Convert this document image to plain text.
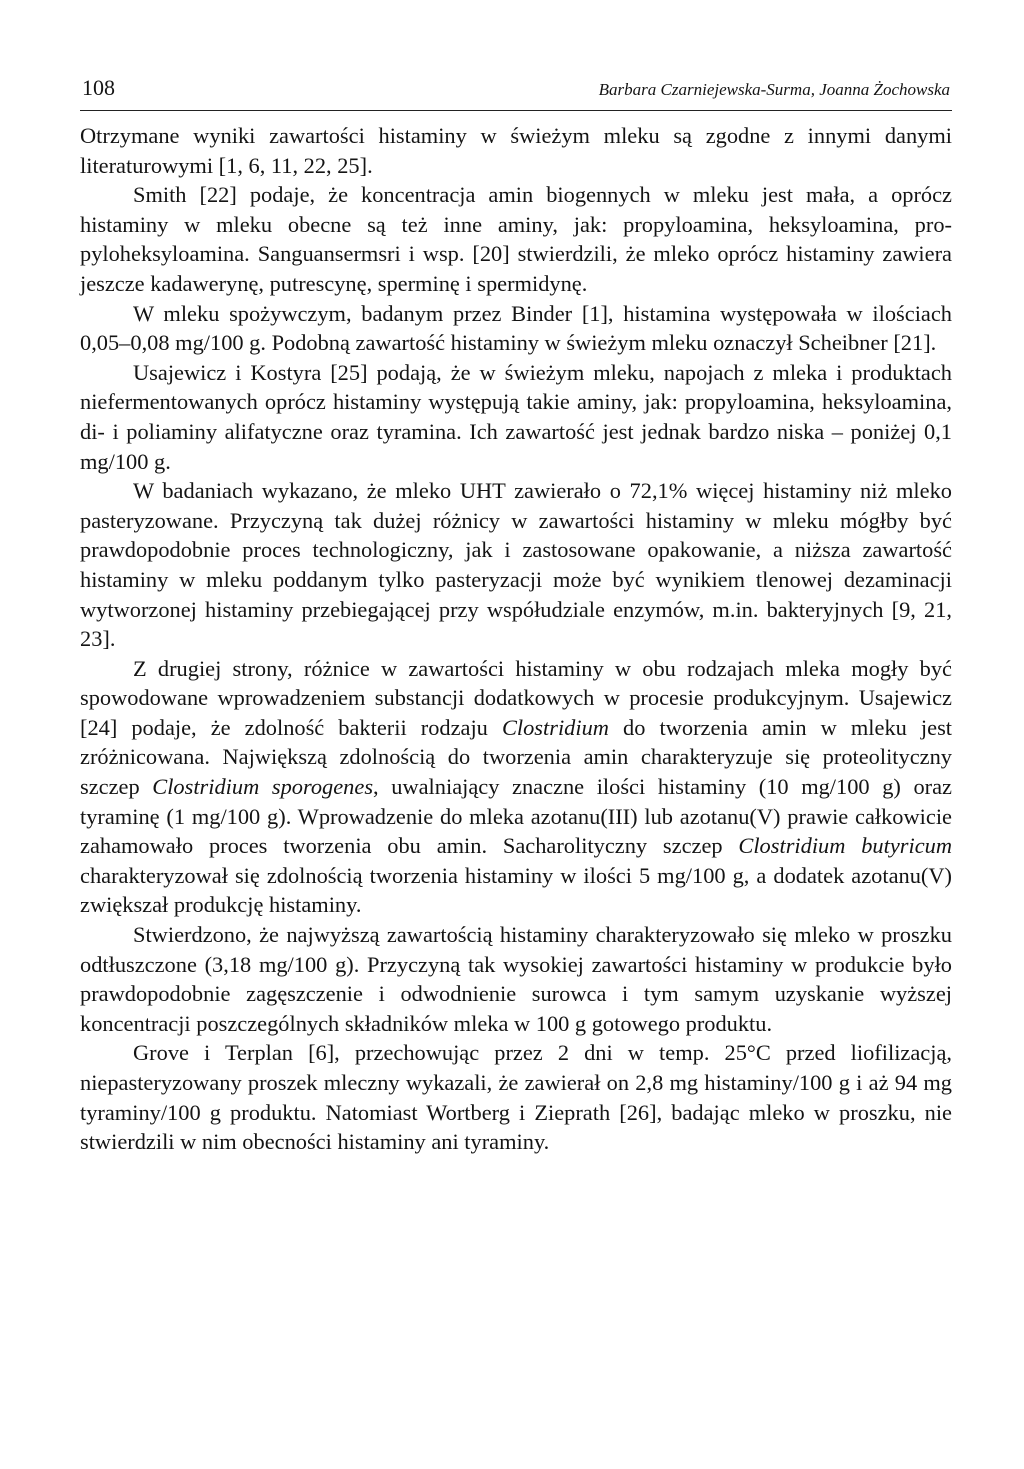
108	Barbara Czarniejewska-Surma, Joanna Żochowska

Otrzymane wyniki zawartości histaminy w świeżym mleku są zgodne z innymi danymi literaturowymi [1, 6, 11, 22, 25].

Smith [22] podaje, że koncentracja amin biogennych w mleku jest mała, a oprócz histaminy w mleku obecne są też inne aminy, jak: propyloamina, heksyloamina, propyloheksyloamina. Sanguansermsri i wsp. [20] stwierdzili, że mleko oprócz histaminy zawiera jeszcze kadawerynę, putrescynę, sperminę i spermidynę.

W mleku spożywczym, badanym przez Binder [1], histamina występowała w ilościach 0,05–0,08 mg/100 g. Podobną zawartość histaminy w świeżym mleku oznaczył Scheibner [21].

Usajewicz i Kostyra [25] podają, że w świeżym mleku, napojach z mleka i produktach niefermentowanych oprócz histaminy występują takie aminy, jak: propyloamina, heksyloamina, di- i poliaminy alifatyczne oraz tyramina. Ich zawartość jest jednak bardzo niska – poniżej 0,1 mg/100 g.

W badaniach wykazano, że mleko UHT zawierało o 72,1% więcej histaminy niż mleko pasteryzowane. Przyczyną tak dużej różnicy w zawartości histaminy w mleku mógłby być prawdopodobnie proces technologiczny, jak i zastosowane opakowanie, a niższa zawartość histaminy w mleku poddanym tylko pasteryzacji może być wynikiem tlenowej dezaminacji wytworzonej histaminy przebiegającej przy współudziale enzymów, m.in. bakteryjnych [9, 21, 23].

Z drugiej strony, różnice w zawartości histaminy w obu rodzajach mleka mogły być spowodowane wprowadzeniem substancji dodatkowych w procesie produkcyjnym. Usajewicz [24] podaje, że zdolność bakterii rodzaju Clostridium do tworzenia amin w mleku jest zróżnicowana. Największą zdolnością do tworzenia amin charakteryzuje się proteolityczny szczep Clostridium sporogenes, uwalniający znaczne ilości histaminy (10 mg/100 g) oraz tyraminę (1 mg/100 g). Wprowadzenie do mleka azotanu(III) lub azotanu(V) prawie całkowicie zahamowało proces tworzenia obu amin. Sacharolityczny szczep Clostridium butyricum charakteryzował się zdolnością tworzenia histaminy w ilości 5 mg/100 g, a dodatek azotanu(V) zwiększał produkcję histaminy.

Stwierdzono, że najwyższą zawartością histaminy charakteryzowało się mleko w proszku odtłuszczone (3,18 mg/100 g). Przyczyną tak wysokiej zawartości histaminy w produkcie było prawdopodobnie zagęszczenie i odwodnienie surowca i tym samym uzyskanie wyższej koncentracji poszczególnych składników mleka w 100 g gotowego produktu.

Grove i Terplan [6], przechowując przez 2 dni w temp. 25°C przed liofilizacją, niepasteryzowany proszek mleczny wykazali, że zawierał on 2,8 mg histaminy/100 g i aż 94 mg tyraminy/100 g produktu. Natomiast Wortberg i Zieprath [26], badając mleko w proszku, nie stwierdzili w nim obecności histaminy ani tyraminy.
